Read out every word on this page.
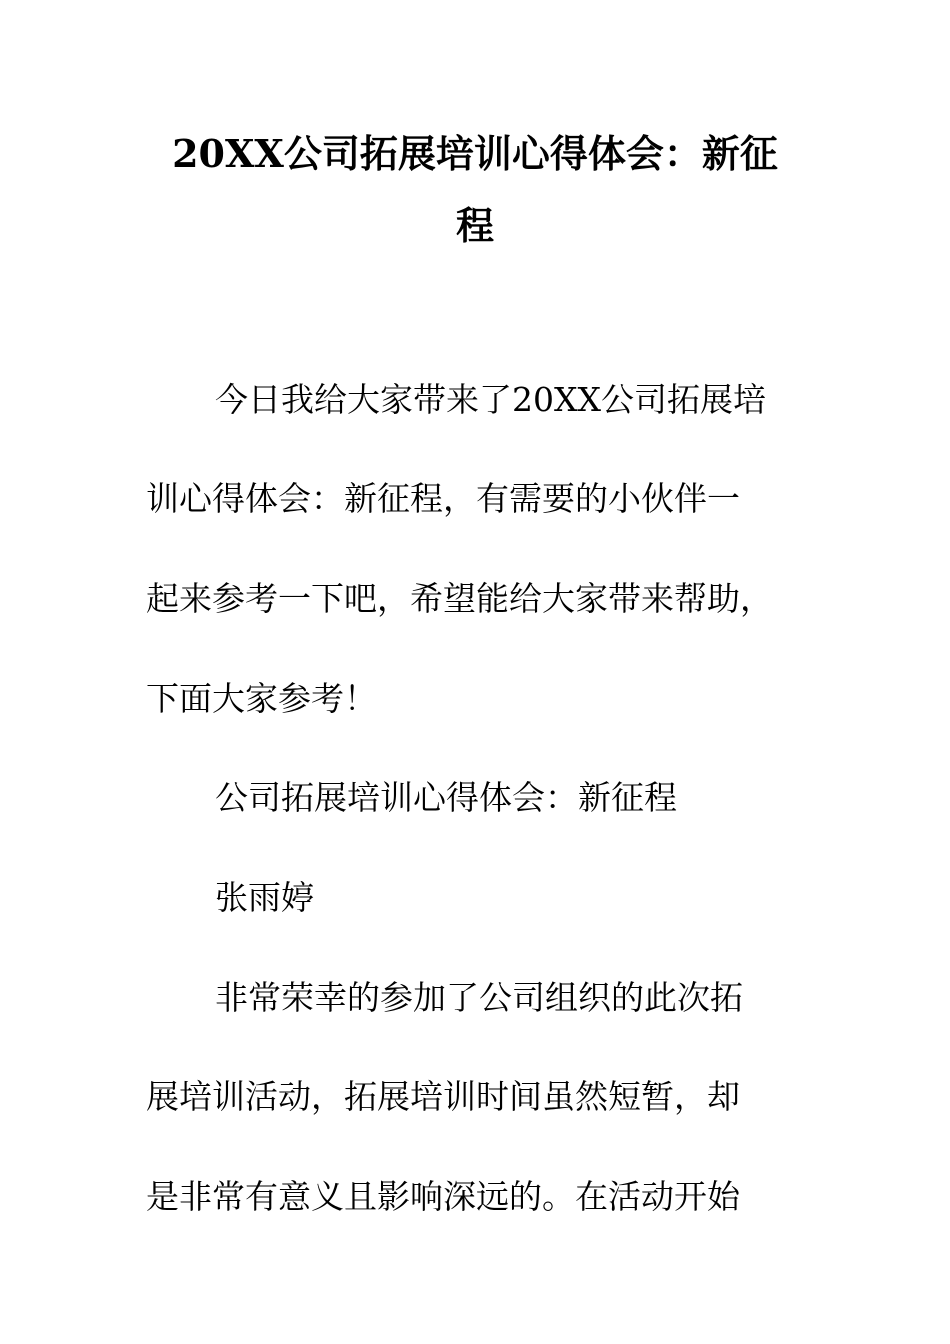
20XX公司拓展培训心得体会：新征
程
今日我给大家带来了20XX公司拓展培
训心得体会：新征程，有需要的小伙伴一
起来参考一下吧，希望能给大家带来帮助，
下面大家参考！
公司拓展培训心得体会：新征程
张雨婷
非常荣幸的参加了公司组织的此次拓
展培训活动，拓展培训时间虽然短暂，却
是非常有意义且影响深远的。在活动开始
